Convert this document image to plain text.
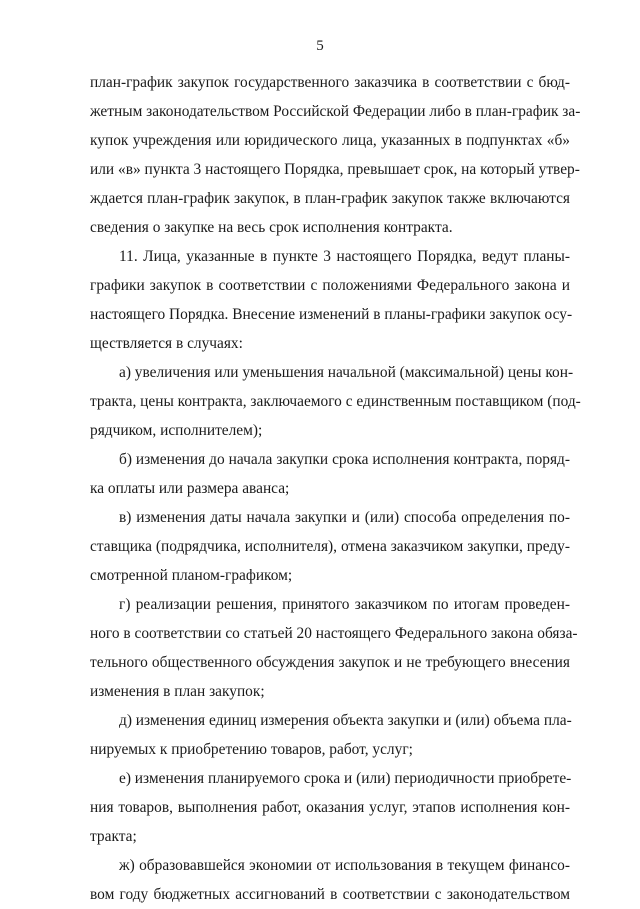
5
план-график закупок государственного заказчика в соответствии с бюд-
жетным законодательством Российской Федерации либо в план-график за-
купок учреждения или юридического лица, указанных в подпунктах «б»
или «в» пункта 3 настоящего Порядка, превышает срок, на который утвер-
ждается план-график закупок, в план-график закупок также включаются
сведения о закупке на весь срок исполнения контракта.
11. Лица, указанные в пункте 3 настоящего Порядка, ведут планы-
графики закупок в соответствии с положениями Федерального закона и
настоящего Порядка. Внесение изменений в планы-графики закупок осу-
ществляется в случаях:
а) увеличения или уменьшения начальной (максимальной) цены кон-
тракта, цены контракта, заключаемого с единственным поставщиком (под-
рядчиком, исполнителем);
б) изменения до начала закупки срока исполнения контракта, поряд-
ка оплаты или размера аванса;
в) изменения даты начала закупки и (или) способа определения по-
ставщика (подрядчика, исполнителя), отмена заказчиком закупки, преду-
смотренной планом-графиком;
г) реализации решения, принятого заказчиком по итогам проведен-
ного в соответствии со статьей 20 настоящего Федерального закона обяза-
тельного общественного обсуждения закупок и не требующего внесения
изменения в план закупок;
д) изменения единиц измерения объекта закупки и (или) объема пла-
нируемых к приобретению товаров, работ, услуг;
е) изменения планируемого срока и (или) периодичности приобрете-
ния товаров, выполнения работ, оказания услуг, этапов исполнения кон-
тракта;
ж) образовавшейся экономии от использования в текущем финансо-
вом году бюджетных ассигнований в соответствии с законодательством
